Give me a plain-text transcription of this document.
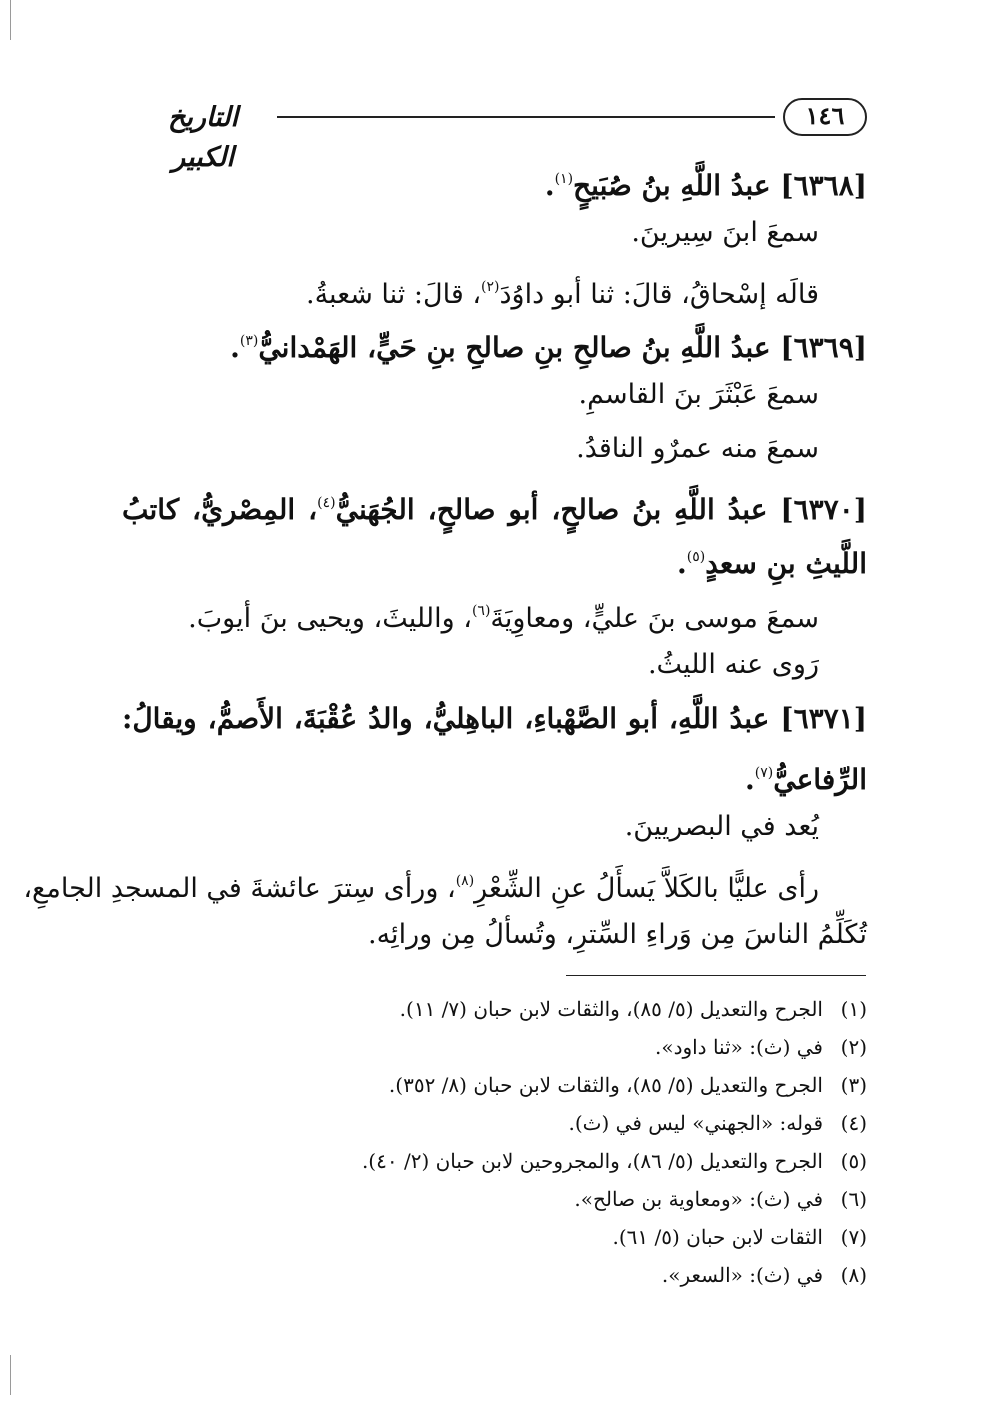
١٤٦
التاريخ الكبير
[٦٣٦٨] عبدُ اللَّهِ بنُ صُبَيحٍ$^{(١)}$.
سمعَ ابنَ سِيرينَ.
قالَه إسْحاقُ، قالَ: ثنا أبو داوُدَ$^{(٢)}$، قالَ: ثنا شعبةُ.
[٦٣٦٩] عبدُ اللَّهِ بنُ صالحِ بنِ صالحِ بنِ حَيٍّ، الهَمْدانيُّ$^{(٣)}$.
سمعَ عَبْثَرَ بنَ القاسمِ.
سمعَ منه عمرٌو الناقدُ.
[٦٣٧٠] عبدُ اللَّهِ بنُ صالحٍ، أبو صالحٍ، الجُهَنيُّ$^{(٤)}$، المِصْريُّ، كاتبُ
اللَّيثِ بنِ سعدٍ$^{(٥)}$.
سمعَ موسى بنَ عليٍّ، ومعاوِيَةَ$^{(٦)}$، والليثَ، ويحيى بنَ أيوبَ.
رَوى عنه الليثُ.
[٦٣٧١] عبدُ اللَّهِ، أبو الصَّهْباءِ، الباهِليُّ، والدُ عُقْبَةَ، الأَصمُّ، ويقالُ:
الرِّفاعيُّ$^{(٧)}$.
يُعد في البصريينَ.
رأى عليًّا بالكَلاَّ يَسأَلُ عنِ الشِّعْرِ$^{(٨)}$، ورأى سِترَ عائشةَ في المسجدِ الجامعِ،
تُكَلِّمُ الناسَ مِن وَراءِ السِّترِ، وتُسألُ مِن ورائِه.
(١)الجرح والتعديل (٥/ ٨٥)، والثقات لابن حبان (٧/ ١١).
(٢)في (ث): «ثنا داود».
(٣)الجرح والتعديل (٥/ ٨٥)، والثقات لابن حبان (٨/ ٣٥٢).
(٤)قوله: «الجهني» ليس في (ث).
(٥)الجرح والتعديل (٥/ ٨٦)، والمجروحين لابن حبان (٢/ ٤٠).
(٦)في (ث): «ومعاوية بن صالح».
(٧)الثقات لابن حبان (٥/ ٦١).
(٨)في (ث): «السعر».
